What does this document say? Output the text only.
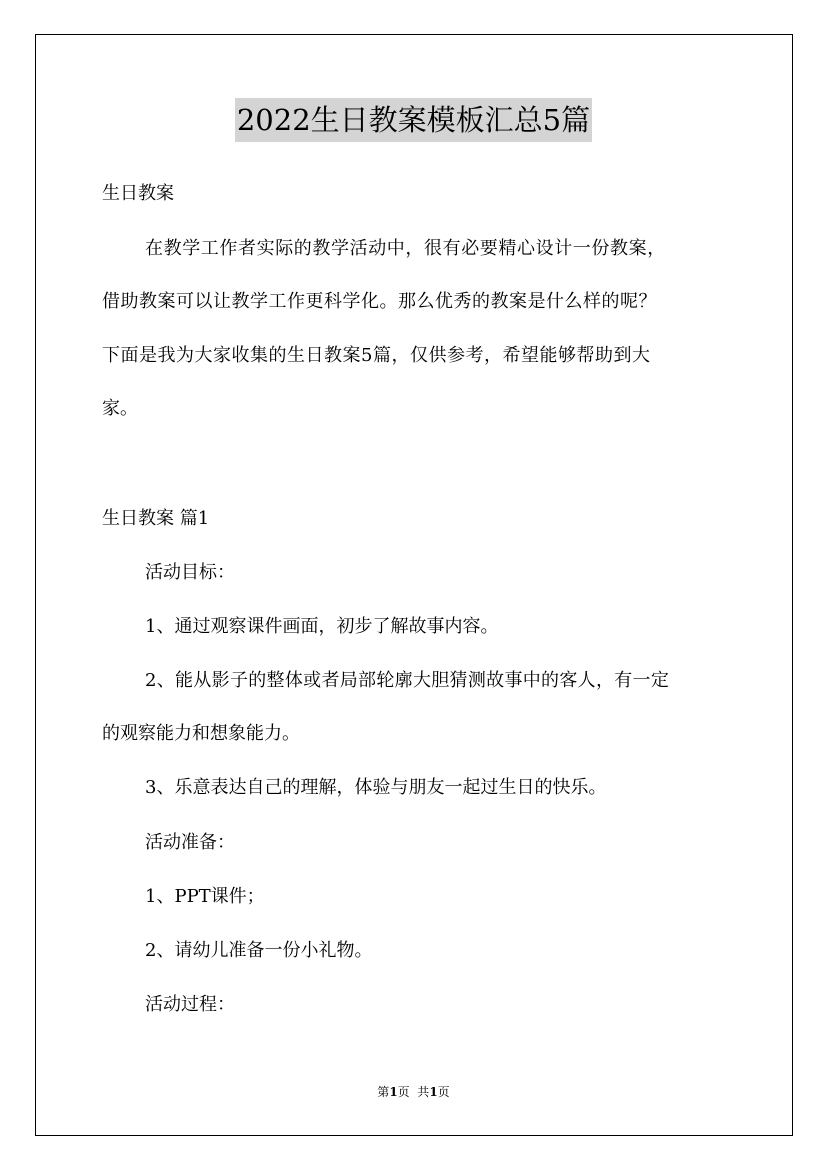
2022生日教案模板汇总5篇

生日教案

在教学工作者实际的教学活动中，很有必要精心设计一份教案，

借助教案可以让教学工作更科学化。那么优秀的教案是什么样的呢？

下面是我为大家收集的生日教案5篇，仅供参考，希望能够帮助到大

家。

生日教案 篇1

活动目标：

1、通过观察课件画面，初步了解故事内容。

2、能从影子的整体或者局部轮廓大胆猜测故事中的客人，有一定

的观察能力和想象能力。

3、乐意表达自己的理解，体验与朋友一起过生日的快乐。

活动准备：

1、PPT课件；

2、请幼儿准备一份小礼物。

活动过程：

第1页  共1页
